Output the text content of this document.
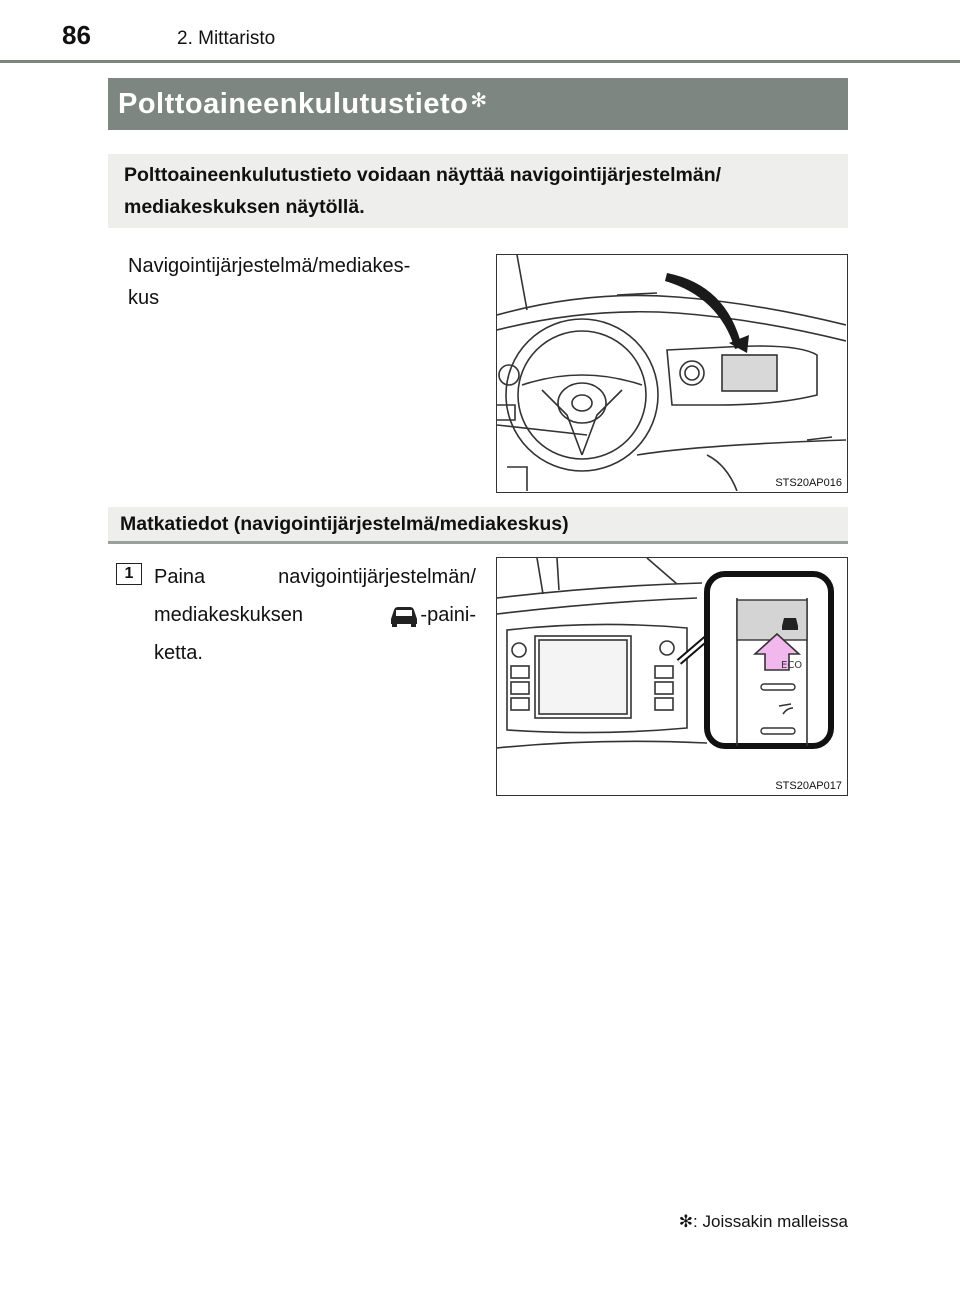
86	2. Mittaristo
Polttoaineenkulutustieto ✻
Polttoaineenkulutustieto voidaan näyttää navigointijärjestelmän/ mediakeskuksen näytöllä.
Navigointijärjestelmä/mediakes-
kus
STS20AP016
Matkatiedot (navigointijärjestelmä/mediakeskus)
1	Paina	navigointijärjestelmän/
mediakeskuksen	-paini-
ketta.
ECO
STS20AP017
✻: Joissakin malleissa
